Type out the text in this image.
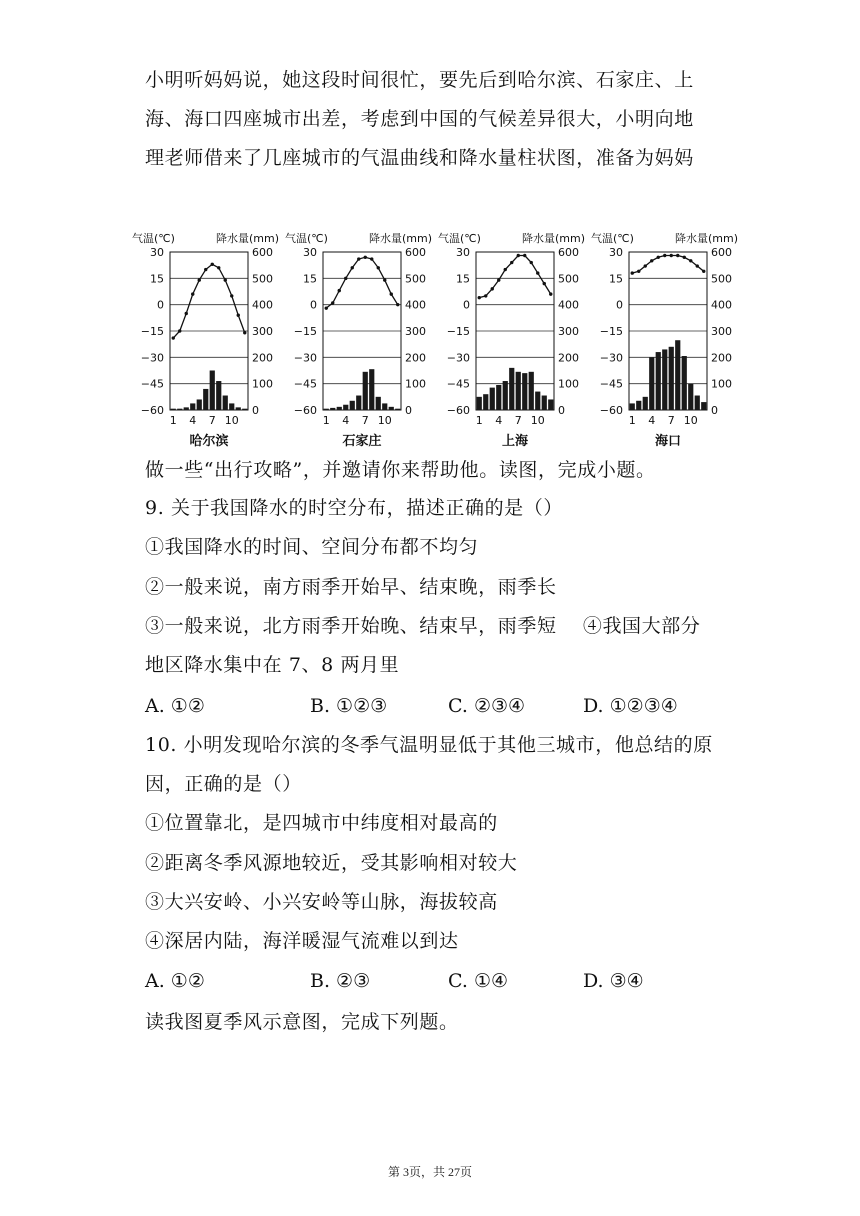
小明听妈妈说，她这段时间很忙，要先后到哈尔滨、石家庄、上
海、海口四座城市出差，考虑到中国的气候差异很大，小明向地
理老师借来了几座城市的气温曲线和降水量柱状图，准备为妈妈
气温(℃)	降水量(mm)
30	600
15	500
0	400
−15	300
−30	200
−45	100
−60	0
1 4 7 10
哈尔滨
气温(℃)	降水量(mm)
30	600
15	500
0	400
−15	300
−30	200
−45	100
−60	0
1 4 7 10
石家庄
气温(℃)	降水量(mm)
30	600
15	500
0	400
−15	300
−30	200
−45	100
−60	0
1 4 7 10
上海
气温(℃)	降水量(mm)
30	600
15	500
0	400
−15	300
−30	200
−45	100
−60	0
1 4 7 10
海口
做一些“出行攻略”，并邀请你来帮助他。读图，完成小题。
9. 关于我国降水的时空分布，描述正确的是（）
①我国降水的时间、空间分布都不均匀
②一般来说，南方雨季开始早、结束晚，雨季长
③一般来说，北方雨季开始晚、结束早，雨季短　 ④我国大部分
地区降水集中在 7、8 两月里
A. ①②	B. ①②③	C. ②③④	D. ①②③④
10. 小明发现哈尔滨的冬季气温明显低于其他三城市，他总结的原
因，正确的是（）
①位置靠北，是四城市中纬度相对最高的
②距离冬季风源地较近，受其影响相对较大
③大兴安岭、小兴安岭等山脉，海拔较高
④深居内陆，海洋暖湿气流难以到达
A. ①②	B. ②③	C. ①④	D. ③④
读我图夏季风示意图，完成下列题。
第 3页，共 27页
